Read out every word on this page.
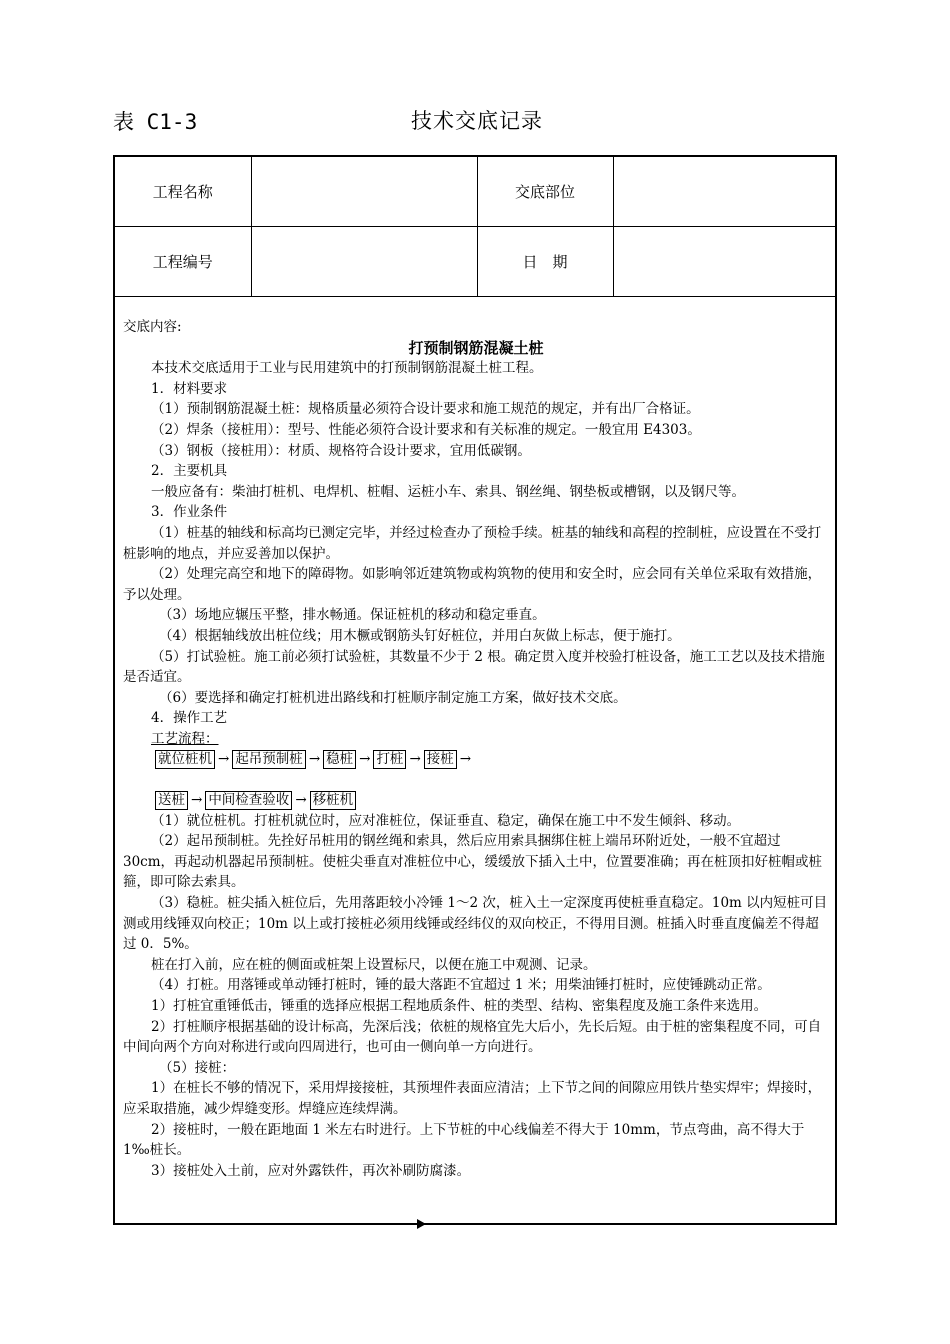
表 C1-3	技术交底记录
工程名称		交底部位	
工程编号		日　期	

交底内容:

打预制钢筋混凝土桩

本技术交底适用于工业与民用建筑中的打预制钢筋混凝土桩工程。

1．材料要求

（1）预制钢筋混凝土桩：规格质量必须符合设计要求和施工规范的规定，并有出厂合格证。

（2）焊条（接桩用）：型号、性能必须符合设计要求和有关标准的规定。一般宜用 E4303。

（3）钢板（接桩用）：材质、规格符合设计要求，宜用低碳钢。

2．主要机具

一般应备有：柴油打桩机、电焊机、桩帽、运桩小车、索具、钢丝绳、钢垫板或槽钢，以及钢尺等。

3．作业条件

（1）桩基的轴线和标高均已测定完毕，并经过检查办了预检手续。桩基的轴线和高程的控制桩，应设置在不受打桩影响的地点，并应妥善加以保护。

（2）处理完高空和地下的障碍物。如影响邻近建筑物或构筑物的使用和安全时，应会同有关单位采取有效措施，予以处理。

（3）场地应辗压平整，排水畅通。保证桩机的移动和稳定垂直。

（4）根据轴线放出桩位线；用木橛或钢筋头钉好桩位，并用白灰做上标志，便于施打。

（5）打试验桩。施工前必须打试验桩，其数量不少于 2 根。确定贯入度并校验打桩设备，施工工艺以及技术措施是否适宜。

（6）要选择和确定打桩机进出路线和打桩顺序制定施工方案，做好技术交底。

4．操作工艺

工艺流程：

就位桩机 → 起吊预制桩 → 稳桩 → 打桩 → 接桩 →
送桩 → 中间检查验收 → 移桩机

（1）就位桩机。打桩机就位时，应对准桩位，保证垂直、稳定，确保在施工中不发生倾斜、移动。

（2）起吊预制桩。先拴好吊桩用的钢丝绳和索具，然后应用索具捆绑住桩上端吊环附近处，一般不宜超过 30cm，再起动机器起吊预制桩。使桩尖垂直对准桩位中心，缓缓放下插入土中，位置要准确；再在桩顶扣好桩帽或桩箍，即可除去索具。

（3）稳桩。桩尖插入桩位后，先用落距较小冷锤 1～2 次，桩入土一定深度再使桩垂直稳定。10m 以内短桩可目测或用线锤双向校正；10m 以上或打接桩必须用线锤或经纬仪的双向校正，不得用目测。桩插入时垂直度偏差不得超过 0．5%。

桩在打入前，应在桩的侧面或桩架上设置标尺，以便在施工中观测、记录。

（4）打桩。用落锤或单动锤打桩时，锤的最大落距不宜超过 1 米；用柴油锤打桩时，应使锤跳动正常。

1）打桩宜重锤低击，锤重的选择应根据工程地质条件、桩的类型、结构、密集程度及施工条件来选用。

2）打桩顺序根据基础的设计标高，先深后浅；依桩的规格宜先大后小，先长后短。由于桩的密集程度不同，可自中间向两个方向对称进行或向四周进行，也可由一侧向单一方向进行。

（5）接桩：

1）在桩长不够的情况下，采用焊接接桩，其预埋件表面应清洁；上下节之间的间隙应用铁片垫实焊牢；焊接时，应采取措施，减少焊缝变形。焊缝应连续焊满。

2）接桩时，一般在距地面 1 米左右时进行。上下节桩的中心线偏差不得大于 10mm，节点弯曲，高不得大于 1‰桩长。

3）接桩处入土前，应对外露铁件，再次补刷防腐漆。
